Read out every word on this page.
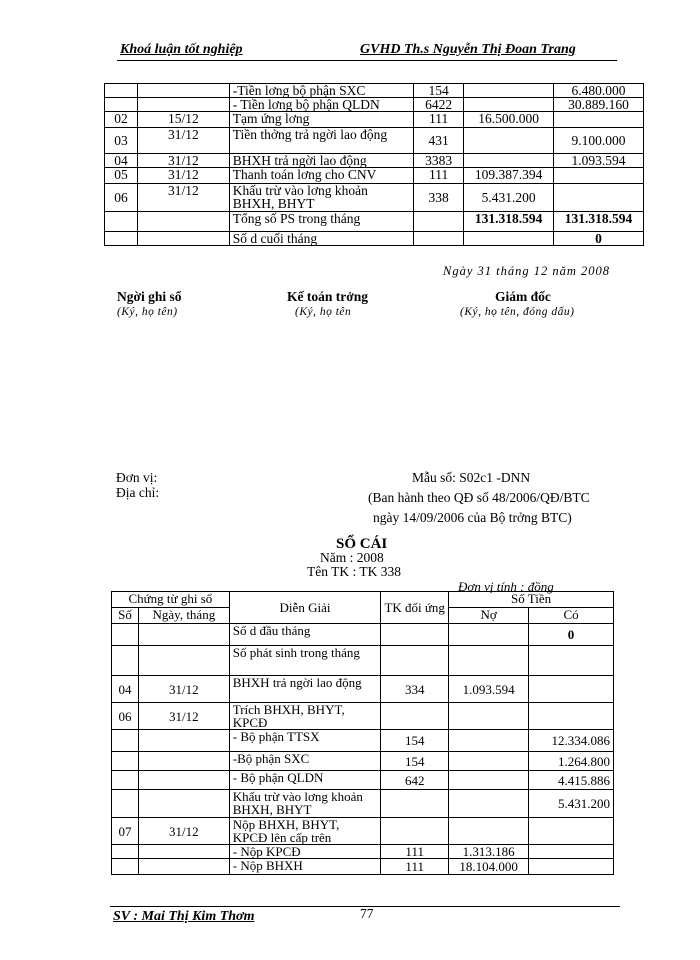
Khoá luận tốt nghiệp	GVHD Th.s Nguyễn Thị Đoan Trang
		-Tiền lơng bộ phận SXC	154		6.480.000
		- Tiền lơng bộ phận QLDN	6422		30.889.160
02	15/12	Tạm ứng lơng	111	16.500.000	
03	31/12	Tiền thởng trả ngời lao động	431		9.100.000
04	31/12	BHXH trả ngời lao động	3383		1.093.594
05	31/12	Thanh toán lơng cho CNV	111	109.387.394	
06	31/12	Khấu trừ vào lơng khoản BHXH, BHYT	338	5.431.200	
		Tổng số PS trong tháng		131.318.594	131.318.594
		Số d cuối tháng			0
Ngày 31 tháng 12 năm 2008
Ngời ghi sổ
(Ký, họ tên)
Kế toán trởng
(Ký, họ tên
Giám đốc
(Ký, họ tên, đóng dấu)
Đơn vị:
Địa chỉ:
Mẫu số: S02c1 -DNN
(Ban hành theo QĐ số 48/2006/QĐ/BTC
ngày 14/09/2006 của Bộ trởng BTC)
SỔ CÁI
Năm : 2008
Tên TK : TK 338
Đơn vị tính : đồng
Chứng từ ghi sổ		Diễn Giải	TK đối ứng	Số Tiền	
Số	Ngày, tháng			Nợ	Có
		Số d đầu tháng			0
		Số phát sinh trong tháng			
04	31/12	BHXH trả ngời lao động	334	1.093.594	
06	31/12	Trích BHXH, BHYT, KPCĐ			
		- Bộ phận TTSX	154		12.334.086
		-Bộ phận SXC	154		1.264.800
		- Bộ phận QLDN	642		4.415.886
		Khấu trừ vào lơng khoản BHXH, BHYT			5.431.200
07	31/12	Nộp BHXH, BHYT, KPCĐ lên cấp trên			
		- Nộp KPCĐ	111	1.313.186	
		- Nộp BHXH	111	18.104.000	
SV : Mai Thị Kim Thơm	77
